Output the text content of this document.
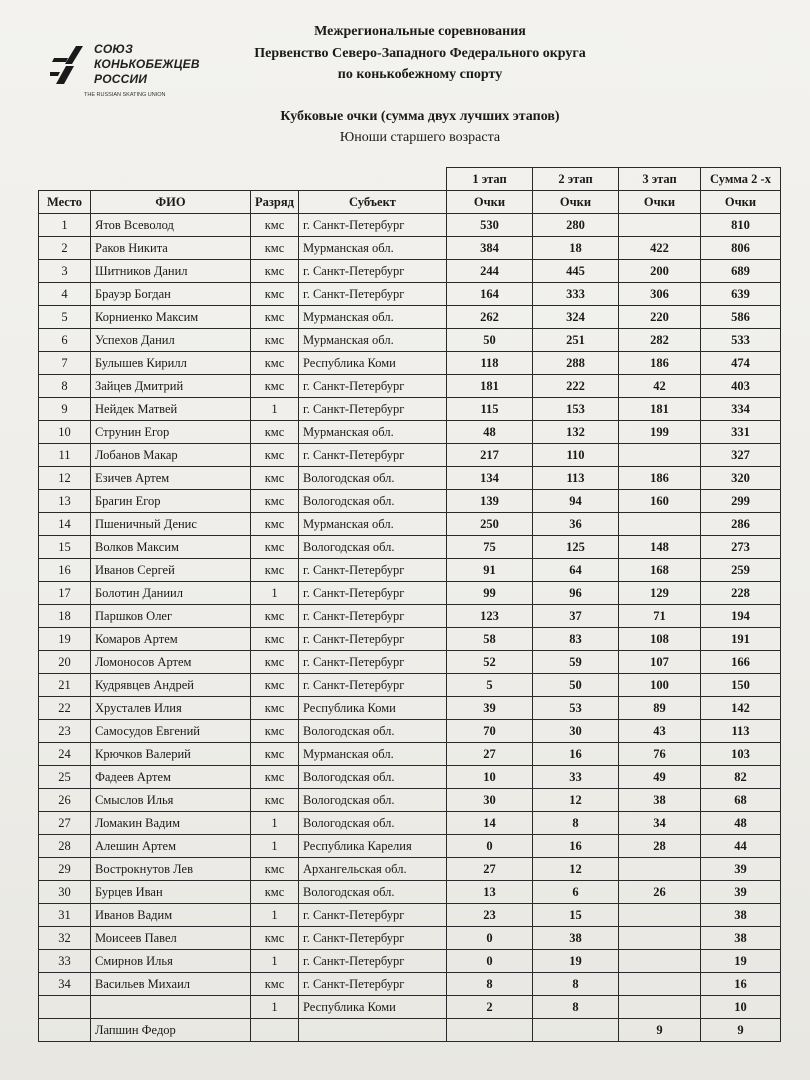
СОЮЗ
КОНЬКОБЕЖЦЕВ
РОССИИ
THE RUSSIAN SKATING UNION
Межрегиональные соревнования
Первенство Северо-Западного Федерального округа
по конькобежному спорту
Кубковые очки (сумма двух лучших этапов)
Юноши старшего возраста
				1 этап	2 этап	3 этап	Сумма 2 -х
Место	ФИО	Разряд	Субъект	Очки	Очки	Очки	Очки
1	Ятов Всеволод	кмс	г. Санкт-Петербург	530	280		810
2	Раков Никита	кмс	Мурманская обл.	384	18	422	806
3	Шитников Данил	кмс	г. Санкт-Петербург	244	445	200	689
4	Брауэр Богдан	кмс	г. Санкт-Петербург	164	333	306	639
5	Корниенко Максим	кмс	Мурманская обл.	262	324	220	586
6	Успехов Данил	кмс	Мурманская обл.	50	251	282	533
7	Булышев Кирилл	кмс	Республика Коми	118	288	186	474
8	Зайцев Дмитрий	кмс	г. Санкт-Петербург	181	222	42	403
9	Нейдек Матвей	1	г. Санкт-Петербург	115	153	181	334
10	Струнин Егор	кмс	Мурманская обл.	48	132	199	331
11	Лобанов Макар	кмс	г. Санкт-Петербург	217	110		327
12	Езичев Артем	кмс	Вологодская обл.	134	113	186	320
13	Брагин Егор	кмс	Вологодская обл.	139	94	160	299
14	Пшеничный Денис	кмс	Мурманская обл.	250	36		286
15	Волков Максим	кмс	Вологодская обл.	75	125	148	273
16	Иванов Сергей	кмс	г. Санкт-Петербург	91	64	168	259
17	Болотин Даниил	1	г. Санкт-Петербург	99	96	129	228
18	Паршков Олег	кмс	г. Санкт-Петербург	123	37	71	194
19	Комаров Артем	кмс	г. Санкт-Петербург	58	83	108	191
20	Ломоносов Артем	кмс	г. Санкт-Петербург	52	59	107	166
21	Кудрявцев Андрей	кмс	г. Санкт-Петербург	5	50	100	150
22	Хрусталев Илия	кмс	Республика Коми	39	53	89	142
23	Самосудов Евгений	кмс	Вологодская обл.	70	30	43	113
24	Крючков Валерий	кмс	Мурманская обл.	27	16	76	103
25	Фадеев Артем	кмс	Вологодская обл.	10	33	49	82
26	Смыслов Илья	кмс	Вологодская обл.	30	12	38	68
27	Ломакин Вадим	1	Вологодская обл.	14	8	34	48
28	Алешин Артем	1	Республика Карелия	0	16	28	44
29	Вострокнутов Лев	кмс	Архангельская обл.	27	12		39
30	Бурцев Иван	кмс	Вологодская обл.	13	6	26	39
31	Иванов Вадим	1	г. Санкт-Петербург	23	15		38
32	Моисеев Павел	кмс	г. Санкт-Петербург	0	38		38
33	Смирнов Илья	1	г. Санкт-Петербург	0	19		19
34	Васильев Михаил	кмс	г. Санкт-Петербург	8	8		16
		1	Республика Коми	2	8		10
	Лапшин Федор					9	9
